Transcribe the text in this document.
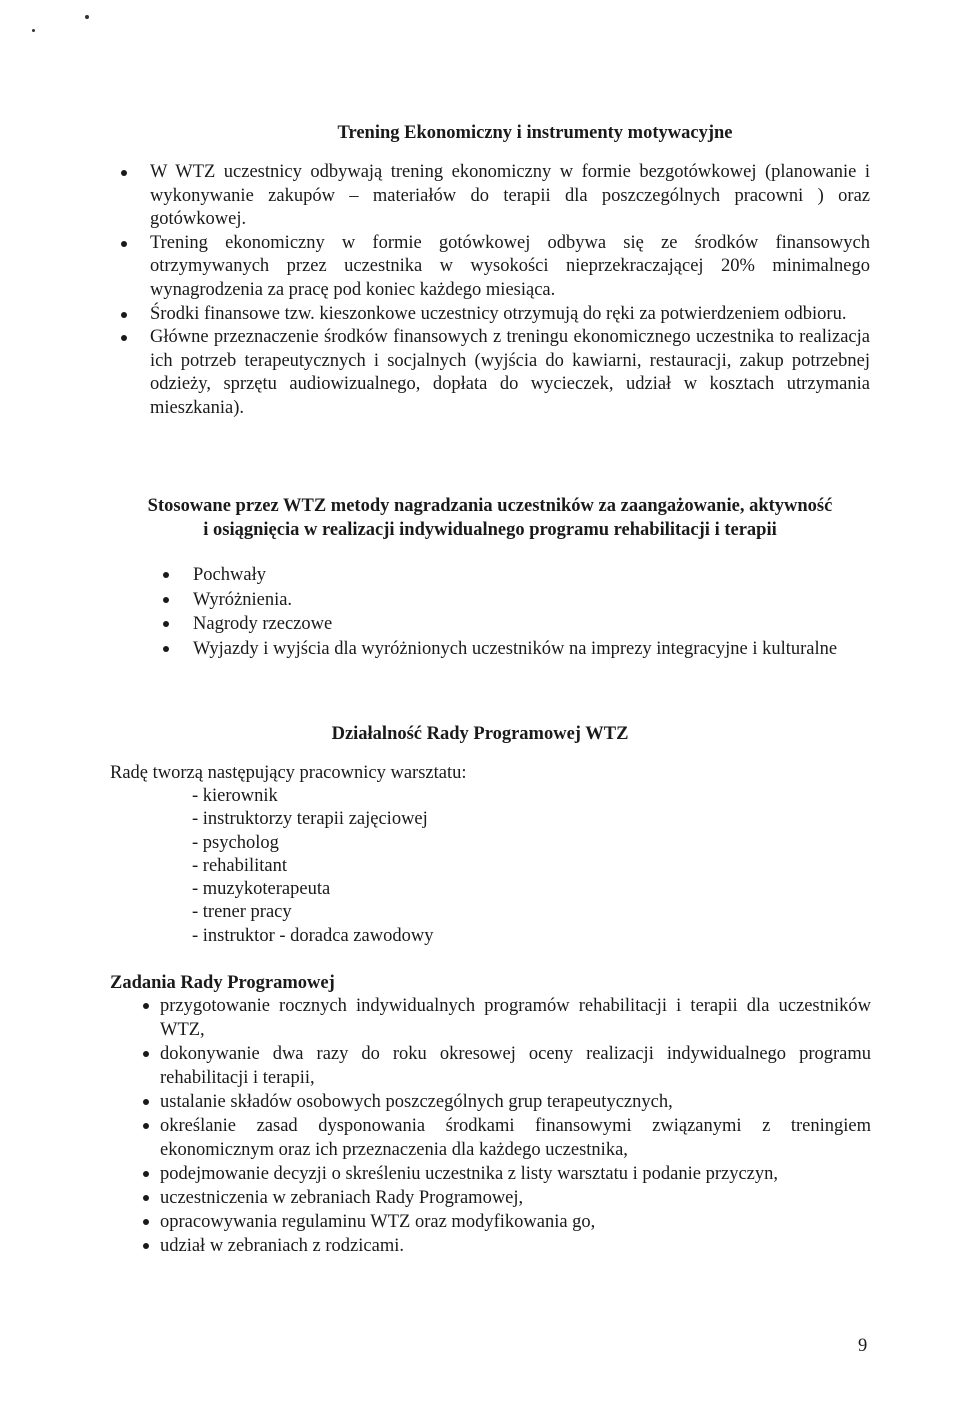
Trening Ekonomiczny i instrumenty motywacyjne
W WTZ uczestnicy odbywają trening ekonomiczny w formie bezgotówkowej (planowanie i wykonywanie zakupów – materiałów do terapii dla poszczególnych pracowni ) oraz gotówkowej.
Trening ekonomiczny w formie gotówkowej odbywa się ze środków finansowych otrzymywanych przez uczestnika w wysokości nieprzekraczającej 20% minimalnego wynagrodzenia za pracę pod koniec każdego miesiąca.
Środki finansowe tzw. kieszonkowe uczestnicy otrzymują do ręki za potwierdzeniem odbioru.
Główne przeznaczenie środków finansowych z treningu ekonomicznego uczestnika to realizacja ich potrzeb terapeutycznych i socjalnych (wyjścia do kawiarni, restauracji, zakup potrzebnej odzieży, sprzętu audiowizualnego, dopłata do wycieczek, udział w kosztach utrzymania mieszkania).
Stosowane przez WTZ metody nagradzania uczestników za zaangażowanie, aktywność
i osiągnięcia w realizacji indywidualnego programu rehabilitacji i terapii
Pochwały
Wyróżnienia.
Nagrody rzeczowe
Wyjazdy i wyjścia dla wyróżnionych uczestników na imprezy integracyjne i kulturalne
Działalność Rady Programowej WTZ
Radę tworzą następujący pracownicy warsztatu:
- kierownik
- instruktorzy terapii zajęciowej
- psycholog
- rehabilitant
- muzykoterapeuta
- trener pracy
- instruktor - doradca zawodowy
Zadania Rady Programowej
przygotowanie rocznych indywidualnych programów rehabilitacji i terapii dla uczestników WTZ,
dokonywanie dwa razy do roku okresowej oceny realizacji indywidualnego programu rehabilitacji i terapii,
ustalanie składów osobowych poszczególnych grup terapeutycznych,
określanie zasad dysponowania środkami finansowymi związanymi z treningiem ekonomicznym oraz ich przeznaczenia dla każdego uczestnika,
podejmowanie decyzji o skreśleniu uczestnika z listy warsztatu i podanie przyczyn,
uczestniczenia w zebraniach Rady Programowej,
opracowywania regulaminu WTZ oraz modyfikowania go,
udział w zebraniach z rodzicami.
9
